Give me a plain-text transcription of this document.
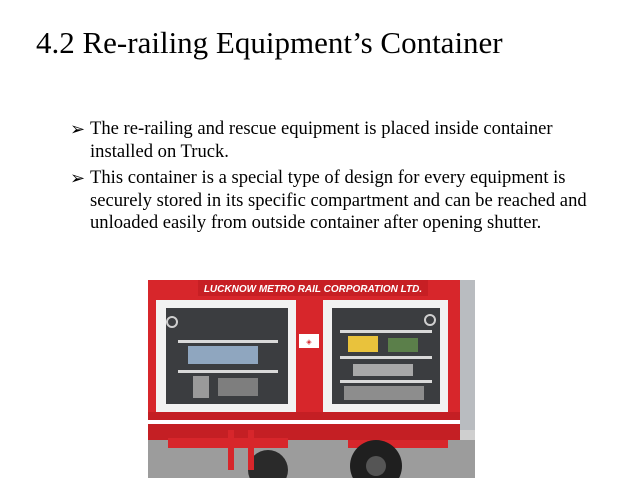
4.2 Re-railing Equipment’s Container
➢ The re-railing and rescue equipment is placed inside container installed on Truck.
➢ This container is a special type of design for every equipment is securely stored in its specific compartment and can be reached and unloaded easily from outside container after opening shutter.
LUCKNOW METRO RAIL CORPORATION LTD.
◈
